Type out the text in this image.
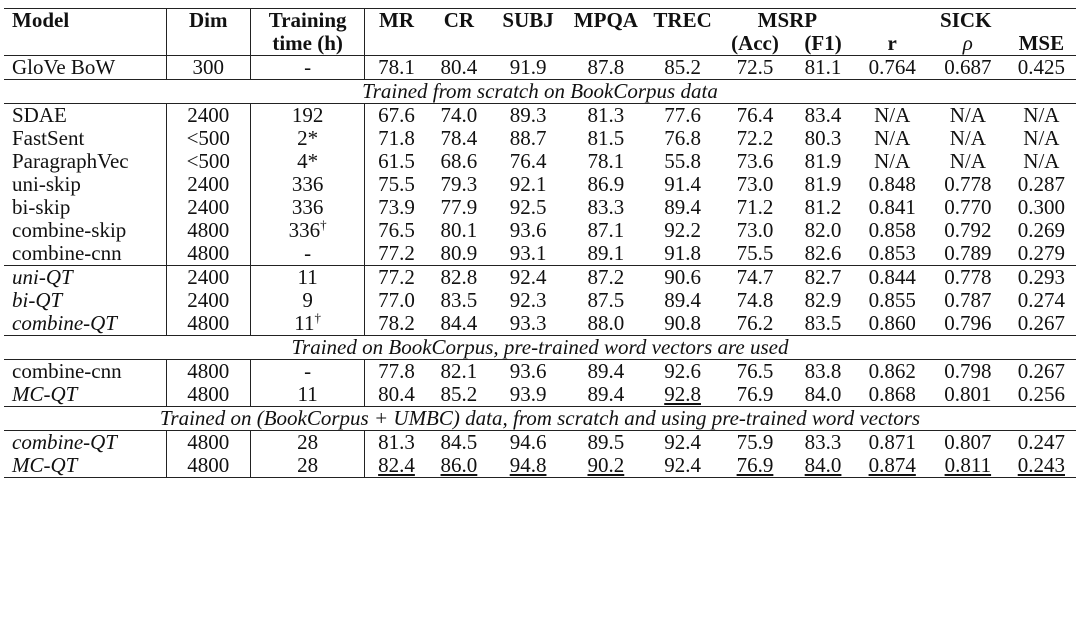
Model	Dim	Training	MR	CR	SUBJ	MPQA	TREC	MSRP		SICK		
		time (h)						(Acc)	(F1)	r	ρ	MSE
GloVe BoW	300	-	78.1	80.4	91.9	87.8	85.2	72.5	81.1	0.764	0.687	0.425
Trained from scratch on BookCorpus data												
SDAE	2400	192	67.6	74.0	89.3	81.3	77.6	76.4	83.4	N/A	N/A	N/A
FastSent	<500	2*	71.8	78.4	88.7	81.5	76.8	72.2	80.3	N/A	N/A	N/A
ParagraphVec	<500	4*	61.5	68.6	76.4	78.1	55.8	73.6	81.9	N/A	N/A	N/A
uni-skip	2400	336	75.5	79.3	92.1	86.9	91.4	73.0	81.9	0.848	0.778	0.287
bi-skip	2400	336	73.9	77.9	92.5	83.3	89.4	71.2	81.2	0.841	0.770	0.300
combine-skip	4800	336†	76.5	80.1	93.6	87.1	92.2	73.0	82.0	0.858	0.792	0.269
combine-cnn	4800	-	77.2	80.9	93.1	89.1	91.8	75.5	82.6	0.853	0.789	0.279
uni-QT	2400	11	77.2	82.8	92.4	87.2	90.6	74.7	82.7	0.844	0.778	0.293
bi-QT	2400	9	77.0	83.5	92.3	87.5	89.4	74.8	82.9	0.855	0.787	0.274
combine-QT	4800	11†	78.2	84.4	93.3	88.0	90.8	76.2	83.5	0.860	0.796	0.267
Trained on BookCorpus, pre-trained word vectors are used												
combine-cnn	4800	-	77.8	82.1	93.6	89.4	92.6	76.5	83.8	0.862	0.798	0.267
MC-QT	4800	11	80.4	85.2	93.9	89.4	92.8	76.9	84.0	0.868	0.801	0.256
Trained on (BookCorpus + UMBC) data, from scratch and using pre-trained word vectors												
combine-QT	4800	28	81.3	84.5	94.6	89.5	92.4	75.9	83.3	0.871	0.807	0.247
MC-QT	4800	28	82.4	86.0	94.8	90.2	92.4	76.9	84.0	0.874	0.811	0.243
